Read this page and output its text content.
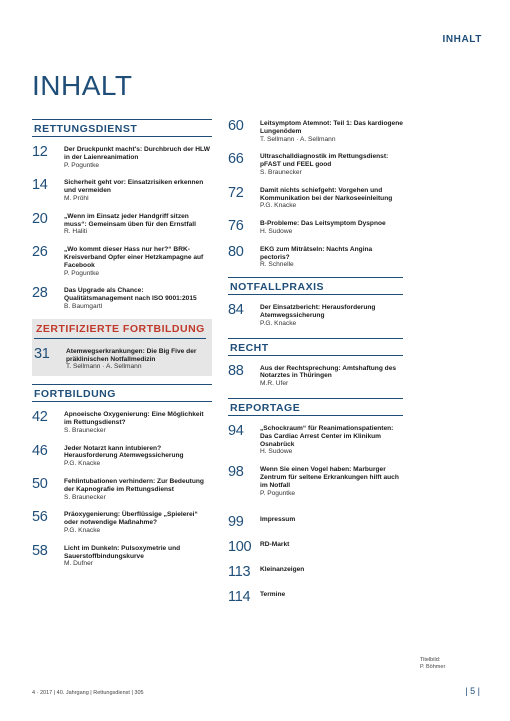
INHALT
INHALT
RETTUNGSDIENST
12	Der Druckpunkt macht's: Durchbruch der HLW in der Laienreanimation
P. Poguntke
14	Sicherheit geht vor: Einsatzrisiken erkennen und vermeiden
M. Pröhl
20	„Wenn im Einsatz jeder Handgriff sitzen muss“: Gemeinsam üben für den Ernstfall
R. Haliti
26	„Wo kommt dieser Hass nur her?“ BRK-Kreisverband Opfer einer Hetzkampagne auf Facebook
P. Poguntke
28	Das Upgrade als Chance: Qualitätsmanagement nach ISO 9001:2015
B. Baumgartl
ZERTIFIZIERTE FORTBILDUNG
31	Atemwegserkrankungen: Die Big Five der präklinischen Notfallmedizin
T. Sellmann · A. Sellmann
FORTBILDUNG
42	Apnoeische Oxygenierung: Eine Möglichkeit im Rettungsdienst?
S. Braunecker
46	Jeder Notarzt kann intubieren? Herausforderung Atemwegssicherung
P.G. Knacke
50	Fehlintubationen verhindern: Zur Bedeutung der Kapnografie im Rettungsdienst
S. Braunecker
56	Präoxygenierung: Überflüssige „Spielerei“ oder notwendige Maßnahme?
P.G. Knacke
58	Licht im Dunkeln: Pulsoxymetrie und Sauerstoffbindungskurve
M. Dufner
60	Leitsymptom Atemnot: Teil 1: Das kardiogene Lungenödem
T. Sellmann · A. Sellmann
66	Ultraschalldiagnostik im Rettungsdienst: pFAST und FEEL good
S. Braunecker
72	Damit nichts schiefgeht: Vorgehen und Kommunikation bei der Narkoseeinleitung
P.G. Knacke
76	B-Probleme: Das Leitsymptom Dyspnoe
H. Sudowe
80	EKG zum Miträtseln: Nachts Angina pectoris?
R. Schnelle
NOTFALLPRAXIS
84	Der Einsatzbericht: Herausforderung Atemwegssicherung
P.G. Knacke
RECHT
88	Aus der Rechtsprechung: Amtshaftung des Notarztes in Thüringen
M.R. Ufer
REPORTAGE
94	„Schockraum“ für Reanimationspatienten: Das Cardiac Arrest Center im Klinikum Osnabrück
H. Sudowe
98	Wenn Sie einen Vogel haben: Marburger Zentrum für seltene Erkrankungen hilft auch im Notfall
P. Poguntke
99	Impressum
100	RD-Markt
113	Kleinanzeigen
114	Termine
Titelbild:
P. Böhmer
4 · 2017 | 40. Jahrgang | Rettungsdienst | 305	| 5 |
